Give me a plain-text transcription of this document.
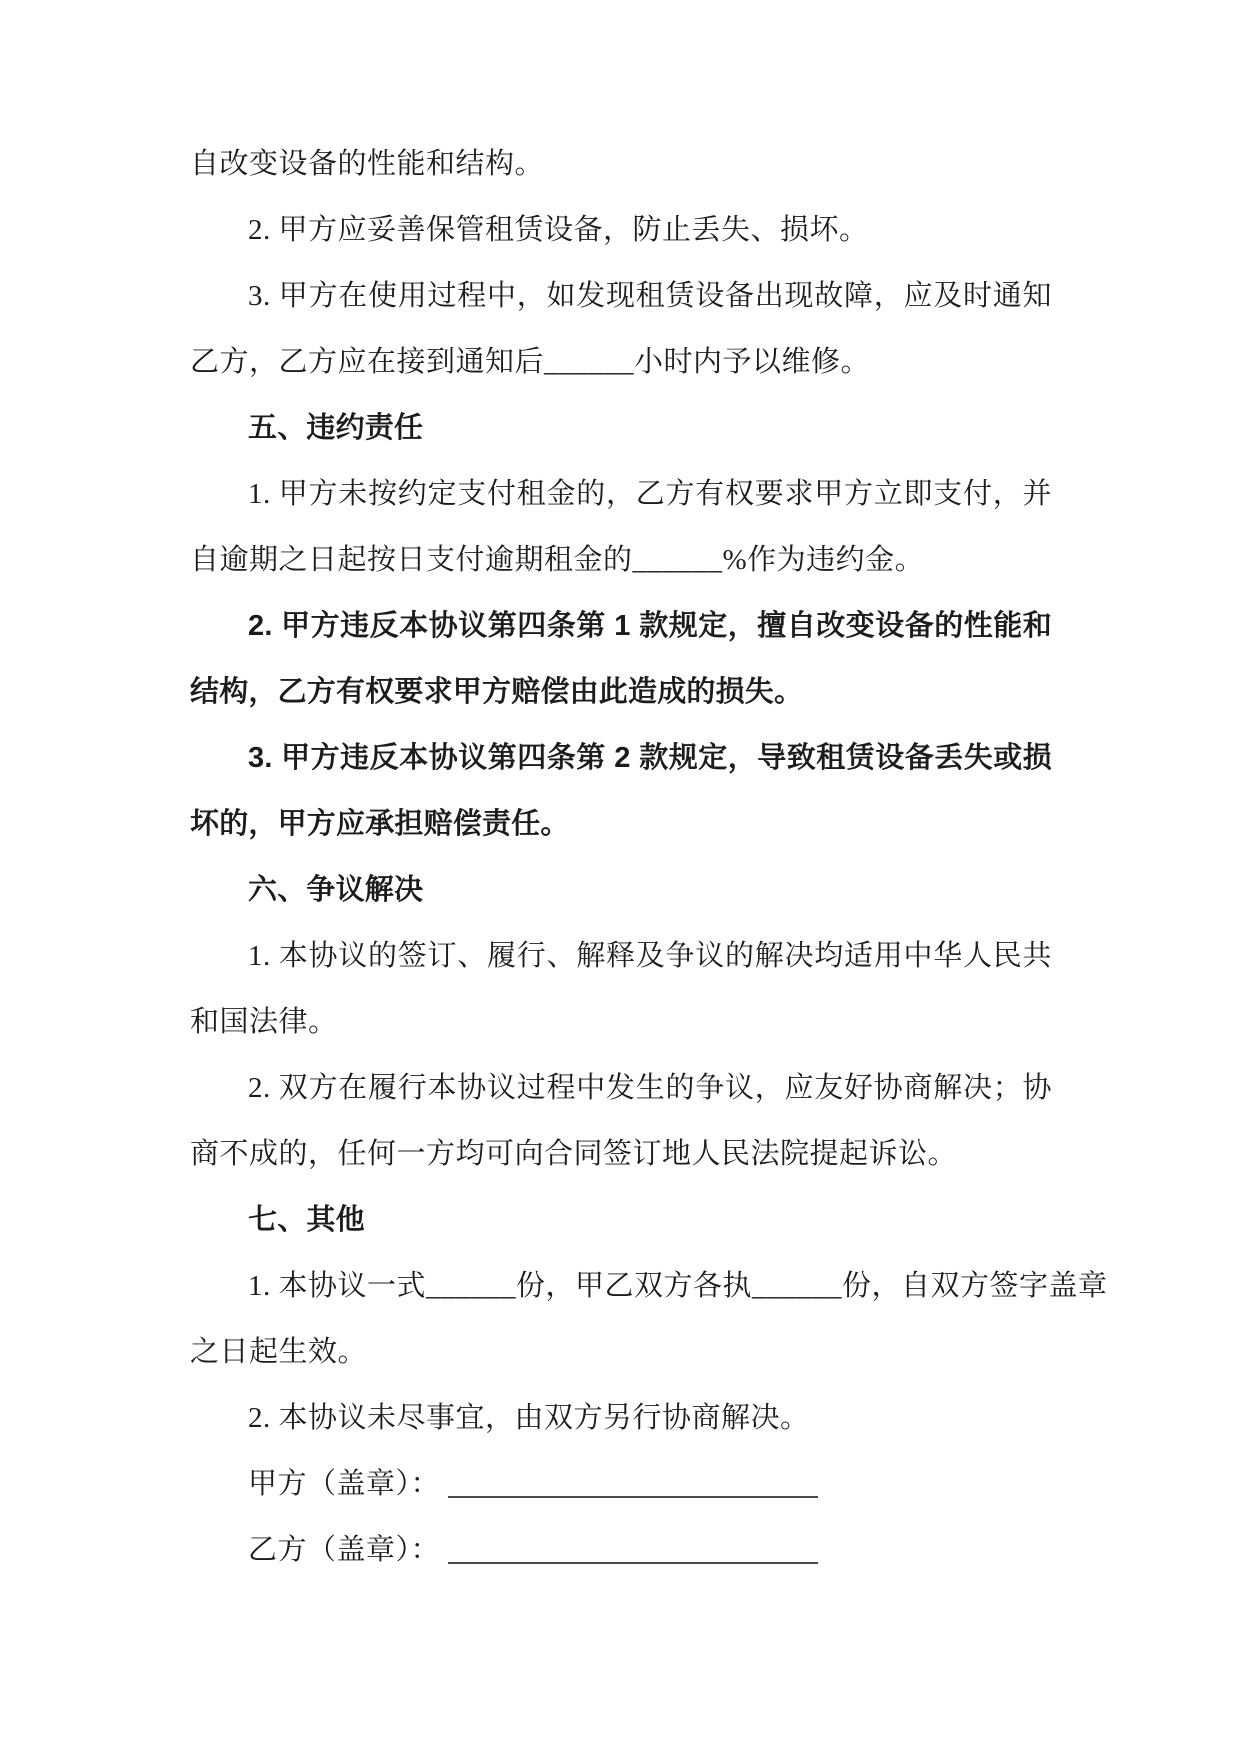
自改变设备的性能和结构。
2. 甲方应妥善保管租赁设备，防止丢失、损坏。
3. 甲方在使用过程中，如发现租赁设备出现故障，应及时通知
乙方，乙方应在接到通知后______小时内予以维修。
五、违约责任
1. 甲方未按约定支付租金的，乙方有权要求甲方立即支付，并
自逾期之日起按日支付逾期租金的______%作为违约金。
2. 甲方违反本协议第四条第 1 款规定，擅自改变设备的性能和
结构，乙方有权要求甲方赔偿由此造成的损失。
3. 甲方违反本协议第四条第 2 款规定，导致租赁设备丢失或损
坏的，甲方应承担赔偿责任。
六、争议解决
1. 本协议的签订、履行、解释及争议的解决均适用中华人民共
和国法律。
2. 双方在履行本协议过程中发生的争议，应友好协商解决；协
商不成的，任何一方均可向合同签订地人民法院提起诉讼。
七、其他
1. 本协议一式______份，甲乙双方各执______份，自双方签字盖章
之日起生效。
2. 本协议未尽事宜，由双方另行协商解决。
甲方（盖章）：
乙方（盖章）：
